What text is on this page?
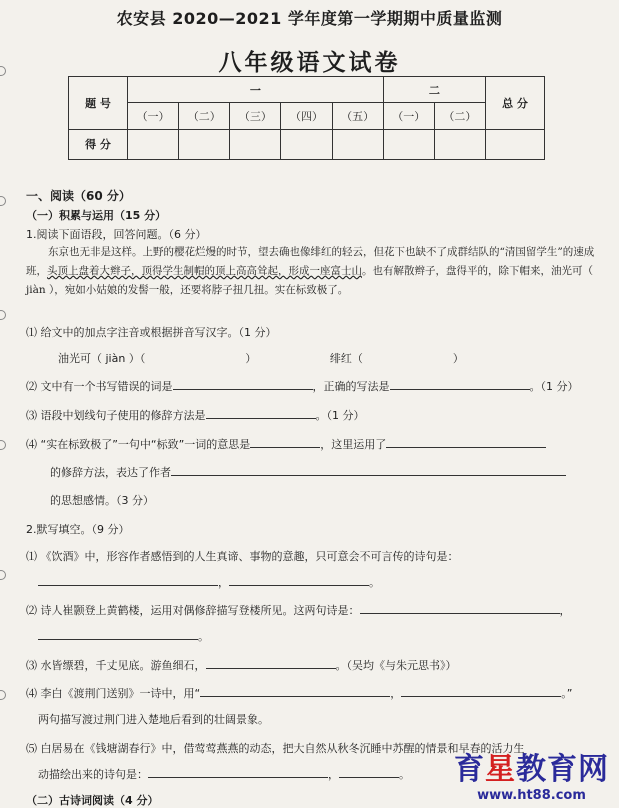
农安县 2020—2021 学年度第一学期期中质量监测
八年级语文试卷
题 号	一					二		总 分
	（一）	（二）	（三）	（四）	（五）	（一）	（二）	
得 分								
一、阅读（60 分）
（一）积累与运用（15 分）
1.阅读下面语段，回答问题。（6 分）
东京也无非是这样。上野的樱花烂熳的时节，望去确也像绯红的轻云，但花下也缺不了成群结队的“清国留学生”的速成班，头顶上盘着大辫子，顶得学生制帽的顶上高高耸起，形成一座富士山。也有解散辫子，盘得平的，除下帽来，油光可（ jiàn ），宛如小姑娘的发髻一般，还要将脖子扭几扭。实在标致极了。
⑴ 给文中的加点字注音或根据拼音写汉字。（1 分）
油光可（ jiàn ）（	）	绯红（	）
⑵ 文中有一个书写错误的词是	，正确的写法是	。（1 分）
⑶ 语段中划线句子使用的修辞方法是	。（1 分）
⑷ “实在标致极了”一句中“标致”一词的意思是	，这里运用了
的修辞方法，表达了作者
的思想感情。（3 分）
2.默写填空。（9 分）
⑴ 《饮酒》中，形容作者感悟到的人生真谛、事物的意趣，只可意会不可言传的诗句是：
，	。
⑵ 诗人崔颢登上黄鹤楼，运用对偶修辞描写登楼所见。这两句诗是：	，
。
⑶ 水皆缥碧，千丈见底。游鱼细石，	。（吴均《与朱元思书》）
⑷ 李白《渡荆门送别》一诗中，用“	，	。”
两句描写渡过荆门进入楚地后看到的壮阔景象。
⑸ 白居易在《钱塘湖春行》中，借莺莺燕燕的动态，把大自然从秋冬沉睡中苏醒的情景和早春的活力生
动描绘出来的诗句是：	，	。
（二）古诗词阅读（4 分）
育星教育网
www.ht88.com
